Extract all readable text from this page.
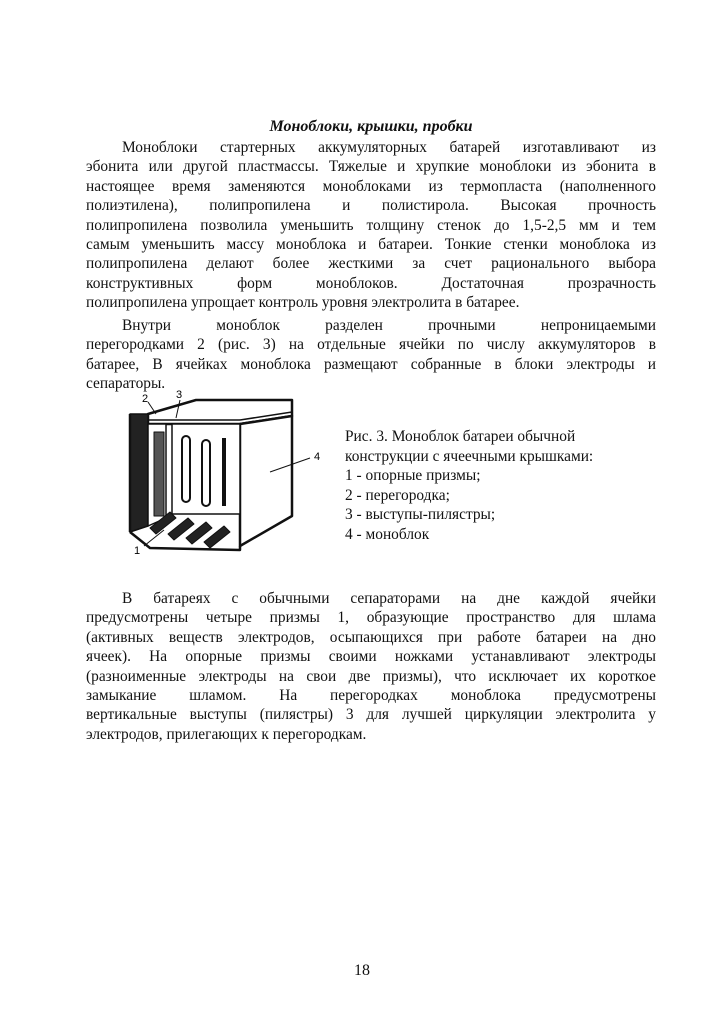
Моноблоки, крышки, пробки

Моноблоки стартерных аккумуляторных батарей изготавливают из

эбонита или другой пластмассы. Тяжелые и хрупкие моноблоки из эбонита в

настоящее время заменяются моноблоками из термопласта (наполненного

полиэтилена), полипропилена и полистирола. Высокая прочность

полипропилена позволила уменьшить толщину стенок до 1,5-2,5 мм и тем

самым уменьшить массу моноблока и батареи. Тонкие стенки моноблока из

полипропилена делают более жесткими за счет рационального выбора

конструктивных форм моноблоков. Достаточная прозрачность

полипропилена упрощает контроль уровня электролита в батарее.

Внутри моноблок разделен прочными непроницаемыми

перегородками 2 (рис. 3) на отдельные ячейки по числу аккумуляторов в

батарее, В ячейках моноблока размещают собранные в блоки электроды и

сепараторы.

2	3
4
1
Рис. 3. Моноблок батареи обычной
конструкции с ячеечными крышками:
1 - опорные призмы;
2 - перегородка;
3 - выступы-пилястры;
4 - моноблок

В батареях с обычными сепараторами на дне каждой ячейки

предусмотрены четыре призмы 1, образующие пространство для шлама

(активных веществ электродов, осыпающихся при работе батареи на дно

ячеек). На опорные призмы своими ножками устанавливают электроды

(разноименные электроды на свои две призмы), что исключает их короткое

замыкание шламом. На перегородках моноблока предусмотрены

вертикальные выступы (пилястры) 3 для лучшей циркуляции электролита у

электродов, прилегающих к перегородкам.

18
